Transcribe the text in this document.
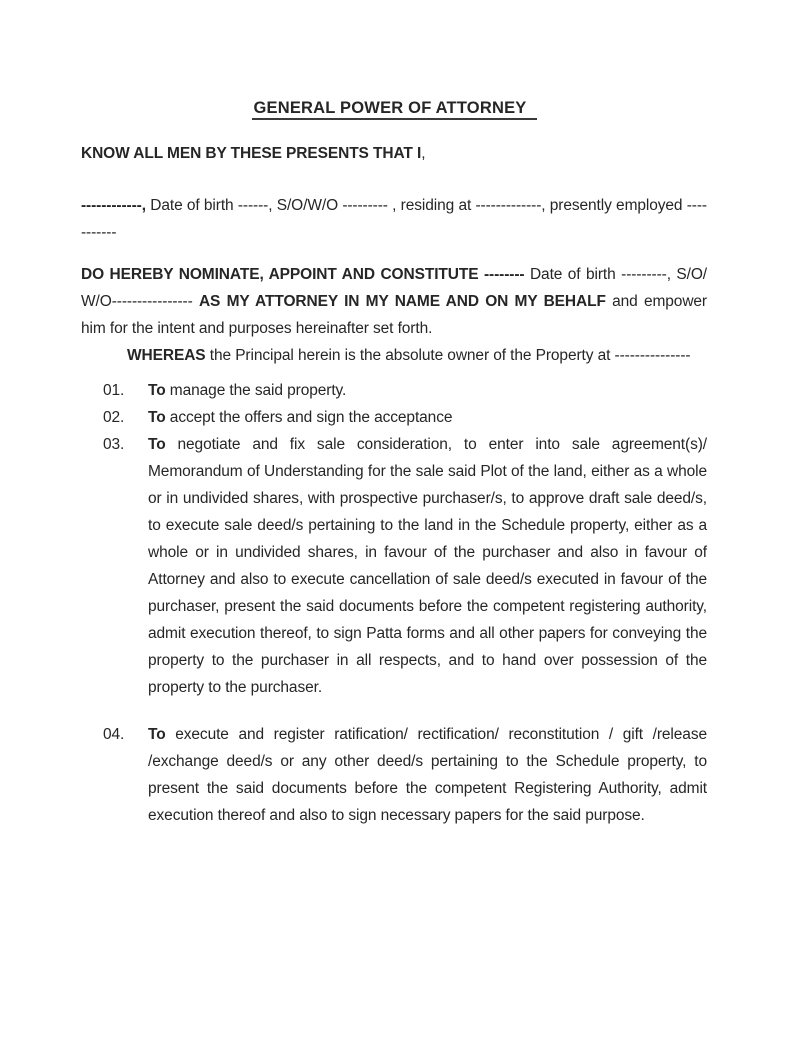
GENERAL POWER OF ATTORNEY
KNOW ALL MEN BY THESE PRESENTS THAT I,
------------, Date of birth ------, S/O/W/O --------- , residing at -------------, presently employed -----------
DO HEREBY NOMINATE, APPOINT AND CONSTITUTE -------- Date of birth ---------, S/O/ W/O---------------- AS MY ATTORNEY IN MY NAME AND ON MY BEHALF and empower him for the intent and purposes hereinafter set forth.
WHEREAS the Principal herein is the absolute owner of the Property at ---------------
01.	To manage the said property.
02.	To accept the offers and sign the acceptance
03.	To negotiate and fix sale consideration, to enter into sale agreement(s)/ Memorandum of Understanding for the sale said Plot of the land, either as a whole or in undivided shares, with prospective purchaser/s, to approve draft sale deed/s, to execute sale deed/s pertaining to the land in the Schedule property, either as a whole or in undivided shares, in favour of the purchaser and also in favour of Attorney and also to execute cancellation of sale deed/s executed in favour of the purchaser, present the said documents before the competent registering authority, admit execution thereof, to sign Patta forms and all other papers for conveying the property to the purchaser in all respects, and to hand over possession of the property to the purchaser.
04.	To execute and register ratification/ rectification/ reconstitution / gift /release /exchange deed/s or any other deed/s pertaining to the Schedule property, to present the said documents before the competent Registering Authority, admit execution thereof and also to sign necessary papers for the said purpose.
